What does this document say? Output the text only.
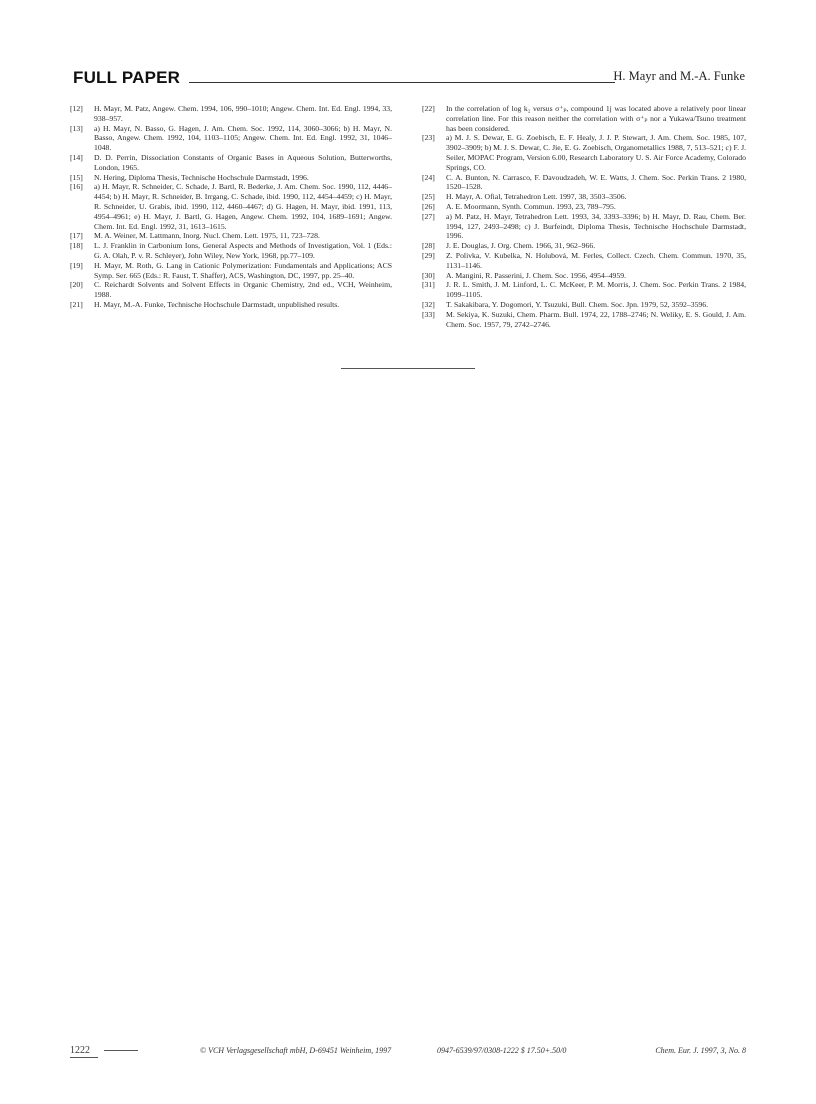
FULL PAPER	H. Mayr and M.-A. Funke
[12] H. Mayr, M. Patz, Angew. Chem. 1994, 106, 990–1010; Angew. Chem. Int. Ed. Engl. 1994, 33, 938–957.
[13] a) H. Mayr, N. Basso, G. Hagen, J. Am. Chem. Soc. 1992, 114, 3060–3066; b) H. Mayr, N. Basso, Angew. Chem. 1992, 104, 1103–1105; Angew. Chem. Int. Ed. Engl. 1992, 31, 1046–1048.
[14] D. D. Perrin, Dissociation Constants of Organic Bases in Aqueous Solution, Butterworths, London, 1965.
[15] N. Hering, Diploma Thesis, Technische Hochschule Darmstadt, 1996.
[16] a) H. Mayr, R. Schneider, C. Schade, J. Bartl, R. Bederke, J. Am. Chem. Soc. 1990, 112, 4446–4454; b) H. Mayr, R. Schneider, B. Irrgang, C. Schade, ibid. 1990, 112, 4454–4459; c) H. Mayr, R. Schneider, U. Grabis, ibid. 1990, 112, 4460–4467; d) G. Hagen, H. Mayr, ibid. 1991, 113, 4954–4961; e) H. Mayr, J. Bartl, G. Hagen, Angew. Chem. 1992, 104, 1689–1691; Angew. Chem. Int. Ed. Engl. 1992, 31, 1613–1615.
[17] M. A. Weiner, M. Lattmann, Inorg. Nucl. Chem. Lett. 1975, 11, 723–728.
[18] L. J. Franklin in Carbonium Ions, General Aspects and Methods of Investigation, Vol. 1 (Eds.: G. A. Olah, P. v. R. Schleyer), John Wiley, New York, 1968, pp.77–109.
[19] H. Mayr, M. Roth, G. Lang in Cationic Polymerization: Fundamentals and Applications; ACS Symp. Ser. 665 (Eds.: R. Faust, T. Shaffer), ACS, Washington, DC, 1997, pp. 25–40.
[20] C. Reichardt Solvents and Solvent Effects in Organic Chemistry, 2nd ed., VCH, Weinheim, 1988.
[21] H. Mayr, M.-A. Funke, Technische Hochschule Darmstadt, unpublished results.
[22] In the correlation of log k₂ versus σ⁺ₚ, compound 1j was located above a relatively poor linear correlation line. For this reason neither the correlation with σ⁺ₚ nor a Yukawa/Tsuno treatment has been considered.
[23] a) M. J. S. Dewar, E. G. Zoebisch, E. F. Healy, J. J. P. Stewart, J. Am. Chem. Soc. 1985, 107, 3902–3909; b) M. J. S. Dewar, C. Jie, E. G. Zoebisch, Organometallics 1988, 7, 513–521; c) F. J. Seiler, MOPAC Program, Version 6.00, Research Laboratory U. S. Air Force Academy, Colorado Springs, CO.
[24] C. A. Bunton, N. Carrasco, F. Davoudzadeh, W. E. Watts, J. Chem. Soc. Perkin Trans. 2 1980, 1520–1528.
[25] H. Mayr, A. Ofial, Tetrahedron Lett. 1997, 38, 3503–3506.
[26] A. E. Moormann, Synth. Commun. 1993, 23, 789–795.
[27] a) M. Patz, H. Mayr, Tetrahedron Lett. 1993, 34, 3393–3396; b) H. Mayr, D. Rau, Chem. Ber. 1994, 127, 2493–2498; c) J. Burfeindt, Diploma Thesis, Technische Hochschule Darmstadt, 1996.
[28] J. E. Douglas, J. Org. Chem. 1966, 31, 962–966.
[29] Z. Polivka, V. Kubelka, N. Holubová, M. Ferles, Collect. Czech. Chem. Commun. 1970, 35, 1131–1146.
[30] A. Mangini, R. Passerini, J. Chem. Soc. 1956, 4954–4959.
[31] J. R. L. Smith, J. M. Linford, L. C. McKeer, P. M. Morris, J. Chem. Soc. Perkin Trans. 2 1984, 1099–1105.
[32] T. Sakakibara, Y. Dogomori, Y. Tsuzuki, Bull. Chem. Soc. Jpn. 1979, 52, 3592–3596.
[33] M. Sekiya, K. Suzuki, Chem. Pharm. Bull. 1974, 22, 1788–2746; N. Weliky, E. S. Gould, J. Am. Chem. Soc. 1957, 79, 2742–2746.
1222	© VCH Verlagsgesellschaft mbH, D-69451 Weinheim, 1997	0947-6539/97/0308-1222 $ 17.50+.50/0	Chem. Eur. J. 1997, 3, No. 8
